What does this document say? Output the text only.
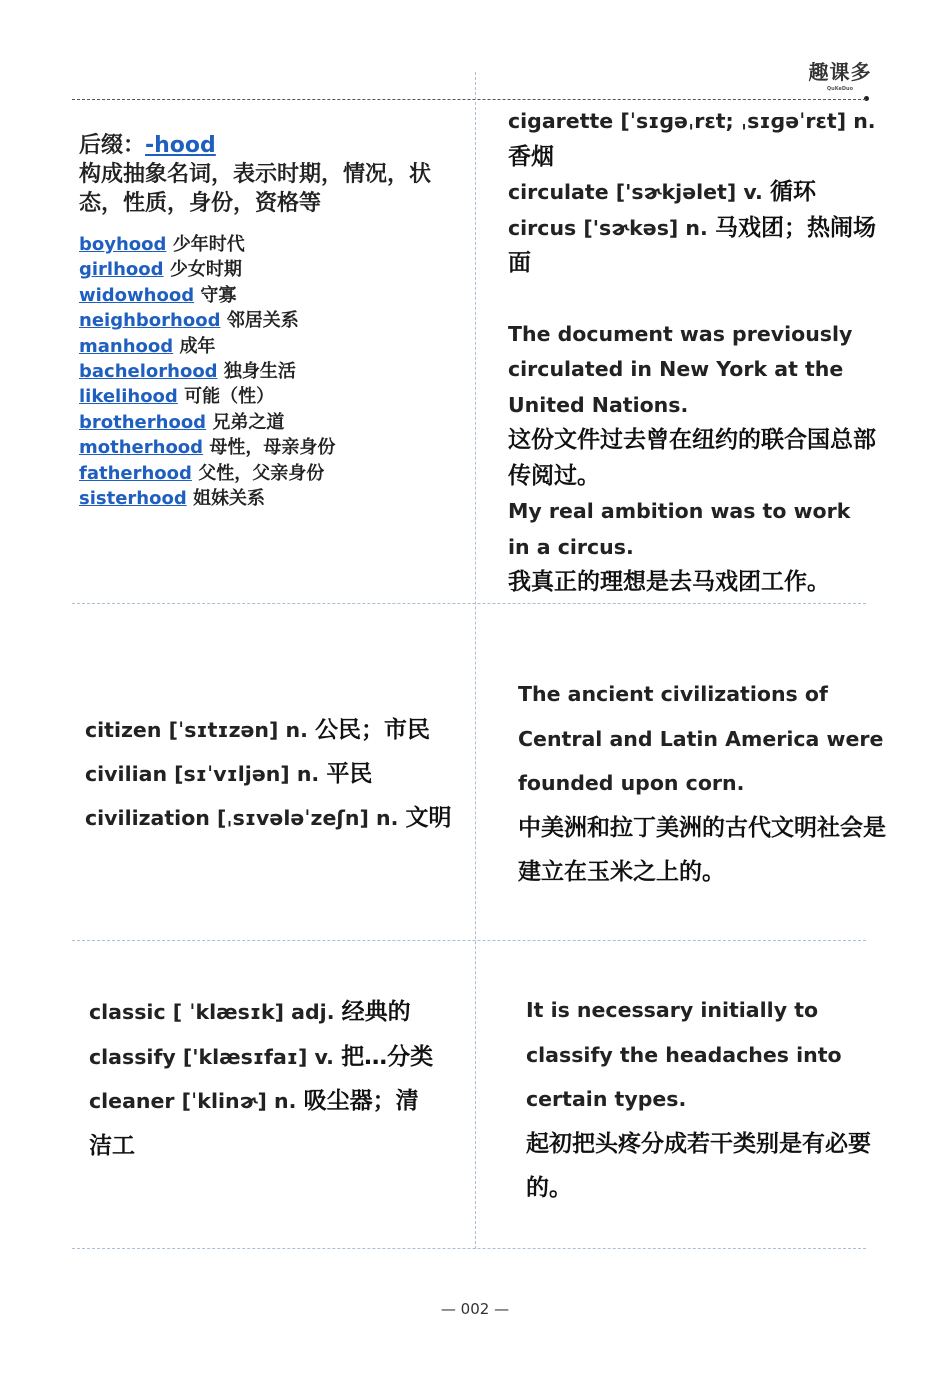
趣课多
QuKeDuo
后缀：-hood
构成抽象名词，表示时期，情况，状态，性质，身份，资格等
boyhood 少年时代
girlhood 少女时期
widowhood 守寡
neighborhood 邻居关系
manhood 成年
bachelorhood 独身生活
likelihood 可能（性）
brotherhood 兄弟之道
motherhood 母性，母亲身份
fatherhood 父性，父亲身份
sisterhood 姐妹关系
cigarette [ˈsɪɡəˌrɛt; ˌsɪɡəˈrɛt] n. 香烟
circulate ['sɚkjəlet] v. 循环
circus ['sɚkəs] n. 马戏团；热闹场面
The document was previously circulated in New York at the United Nations.
这份文件过去曾在纽约的联合国总部传阅过。
My real ambition was to work in a circus.
我真正的理想是去马戏团工作。
citizen [ˈsɪtɪzən] n. 公民；市民
civilian [sɪˈvɪljən] n. 平民
civilization [ˌsɪvələˈzeʃn] n. 文明
The ancient civilizations of Central and Latin America were founded upon corn.
中美洲和拉丁美洲的古代文明社会是建立在玉米之上的。
classic [ ˈklæsɪk] adj. 经典的
classify ['klæsɪfaɪ] v. 把…分类
cleaner [ˈklinɚ] n. 吸尘器；清洁工
It is necessary initially to classify the headaches into certain types.
起初把头疼分成若干类别是有必要的。
— 002 —
